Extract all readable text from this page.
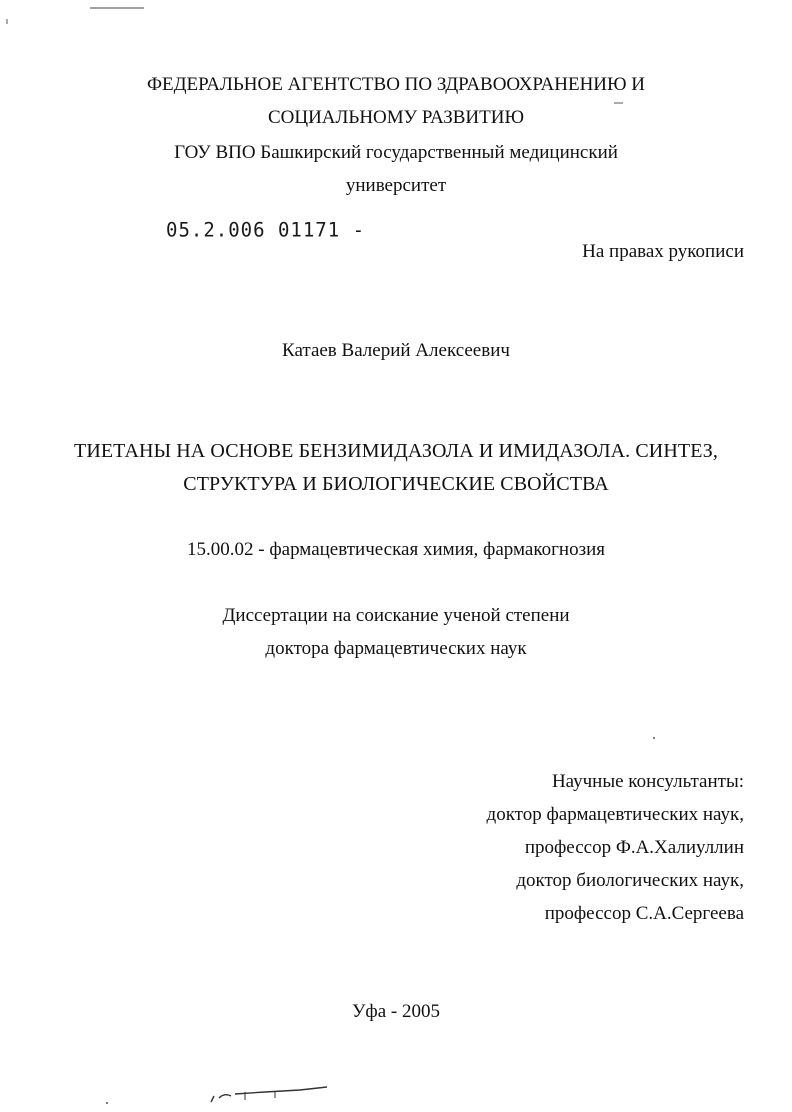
ФЕДЕРАЛЬНОЕ АГЕНТСТВО ПО ЗДРАВООХРАНЕНИЮ И
СОЦИАЛЬНОМУ РАЗВИТИЮ
ГОУ ВПО Башкирский государственный медицинский
университет
05.2.006 01171 -
На правах рукописи
Катаев Валерий Алексеевич
ТИЕТАНЫ НА ОСНОВЕ БЕНЗИМИДАЗОЛА И ИМИДАЗОЛА. СИНТЕЗ,
СТРУКТУРА И БИОЛОГИЧЕСКИЕ СВОЙСТВА
15.00.02 - фармацевтическая химия, фармакогнозия
Диссертации на соискание ученой степени
доктора фармацевтических наук
Научные консультанты:
доктор фармацевтических наук,
профессор Ф.А.Халиуллин
доктор биологических наук,
профессор С.А.Сергеева
Уфа - 2005
